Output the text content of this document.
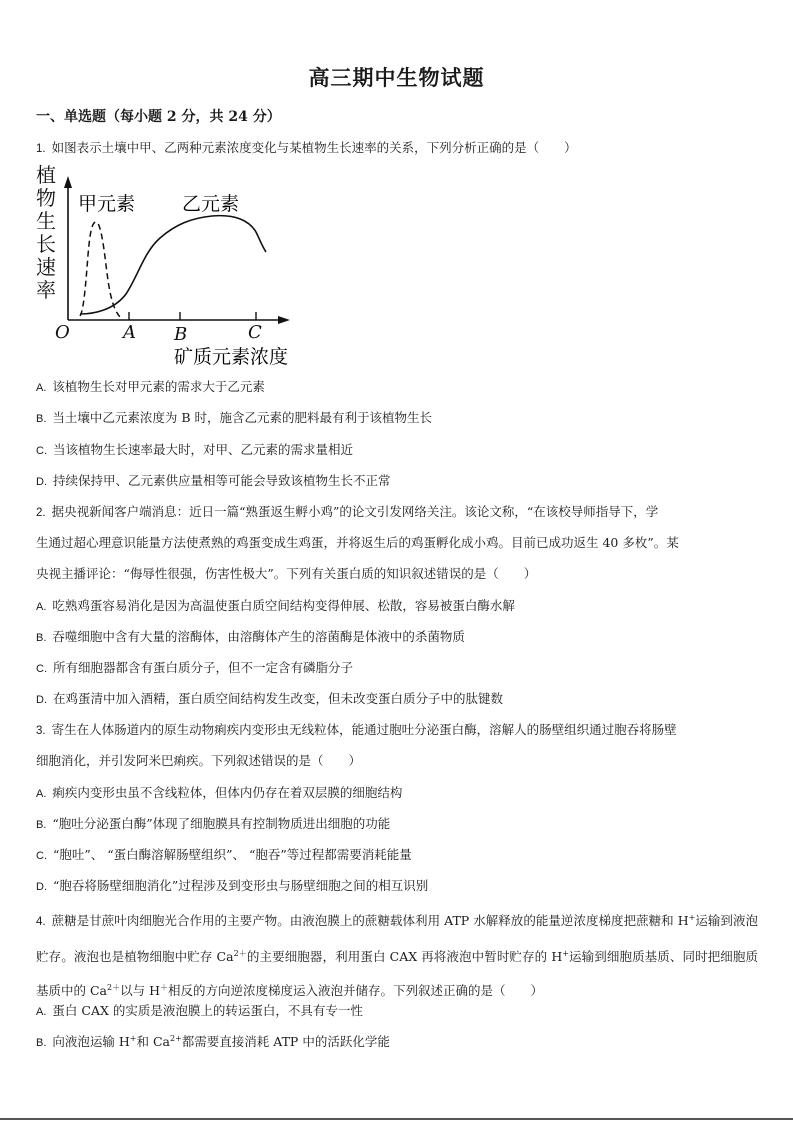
高三期中生物试题
一、单选题（每小题 2 分，共 24 分）
1. 如图表示土壤中甲、乙两种元素浓度变化与某植物生长速率的关系，下列分析正确的是（　　）
植
物
生
长
速
率
甲元素 乙元素
O	A B	C
矿质元素浓度
A. 该植物生长对甲元素的需求大于乙元素
B. 当土壤中乙元素浓度为 B 时，施含乙元素的肥料最有利于该植物生长
C. 当该植物生长速率最大时，对甲、乙元素的需求量相近
D. 持续保持甲、乙元素供应量相等可能会导致该植物生长不正常
2. 据央视新闻客户端消息：近日一篇“熟蛋返生孵小鸡”的论文引发网络关注。该论文称，“在该校导师指导下，学
生通过超心理意识能量方法使煮熟的鸡蛋变成生鸡蛋，并将返生后的鸡蛋孵化成小鸡。目前已成功返生 40 多枚”。某
央视主播评论：“侮辱性很强，伤害性极大”。下列有关蛋白质的知识叙述错误的是（　　）
A. 吃熟鸡蛋容易消化是因为高温使蛋白质空间结构变得伸展、松散，容易被蛋白酶水解
B. 吞噬细胞中含有大量的溶酶体，由溶酶体产生的溶菌酶是体液中的杀菌物质
C. 所有细胞器都含有蛋白质分子，但不一定含有磷脂分子
D. 在鸡蛋清中加入酒精，蛋白质空间结构发生改变，但未改变蛋白质分子中的肽键数
3. 寄生在人体肠道内的原生动物痢疾内变形虫无线粒体，能通过胞吐分泌蛋白酶，溶解人的肠壁组织通过胞吞将肠壁
细胞消化，并引发阿米巴痢疾。下列叙述错误的是（　　）
A. 痢疾内变形虫虽不含线粒体，但体内仍存在着双层膜的细胞结构
B. “胞吐分泌蛋白酶”体现了细胞膜具有控制物质进出细胞的功能
C. “胞吐”、 “蛋白酶溶解肠壁组织”、 “胞吞”等过程都需要消耗能量
D. “胞吞将肠壁细胞消化”过程涉及到变形虫与肠壁细胞之间的相互识别
4. 蔗糖是甘蔗叶肉细胞光合作用的主要产物。由液泡膜上的蔗糖载体利用 ATP 水解释放的能量逆浓度梯度把蔗糖和 H+运输到液泡贮存。液泡也是植物细胞中贮存 $Ca^{2+}$的主要细胞器，利用蛋白 CAX 再将液泡中暂时贮存的 H+运输到细胞质基质、同时把细胞质基质中的 $Ca^{2+}$以与 H＋相反的方向逆浓度梯度运入液泡并储存。下列叙述正确的是（　　）
A. 蛋白 CAX 的实质是液泡膜上的转运蛋白，不具有专一性
B. 向液泡运输 H+和 $Ca^{2+}$都需要直接消耗 ATP 中的活跃化学能
